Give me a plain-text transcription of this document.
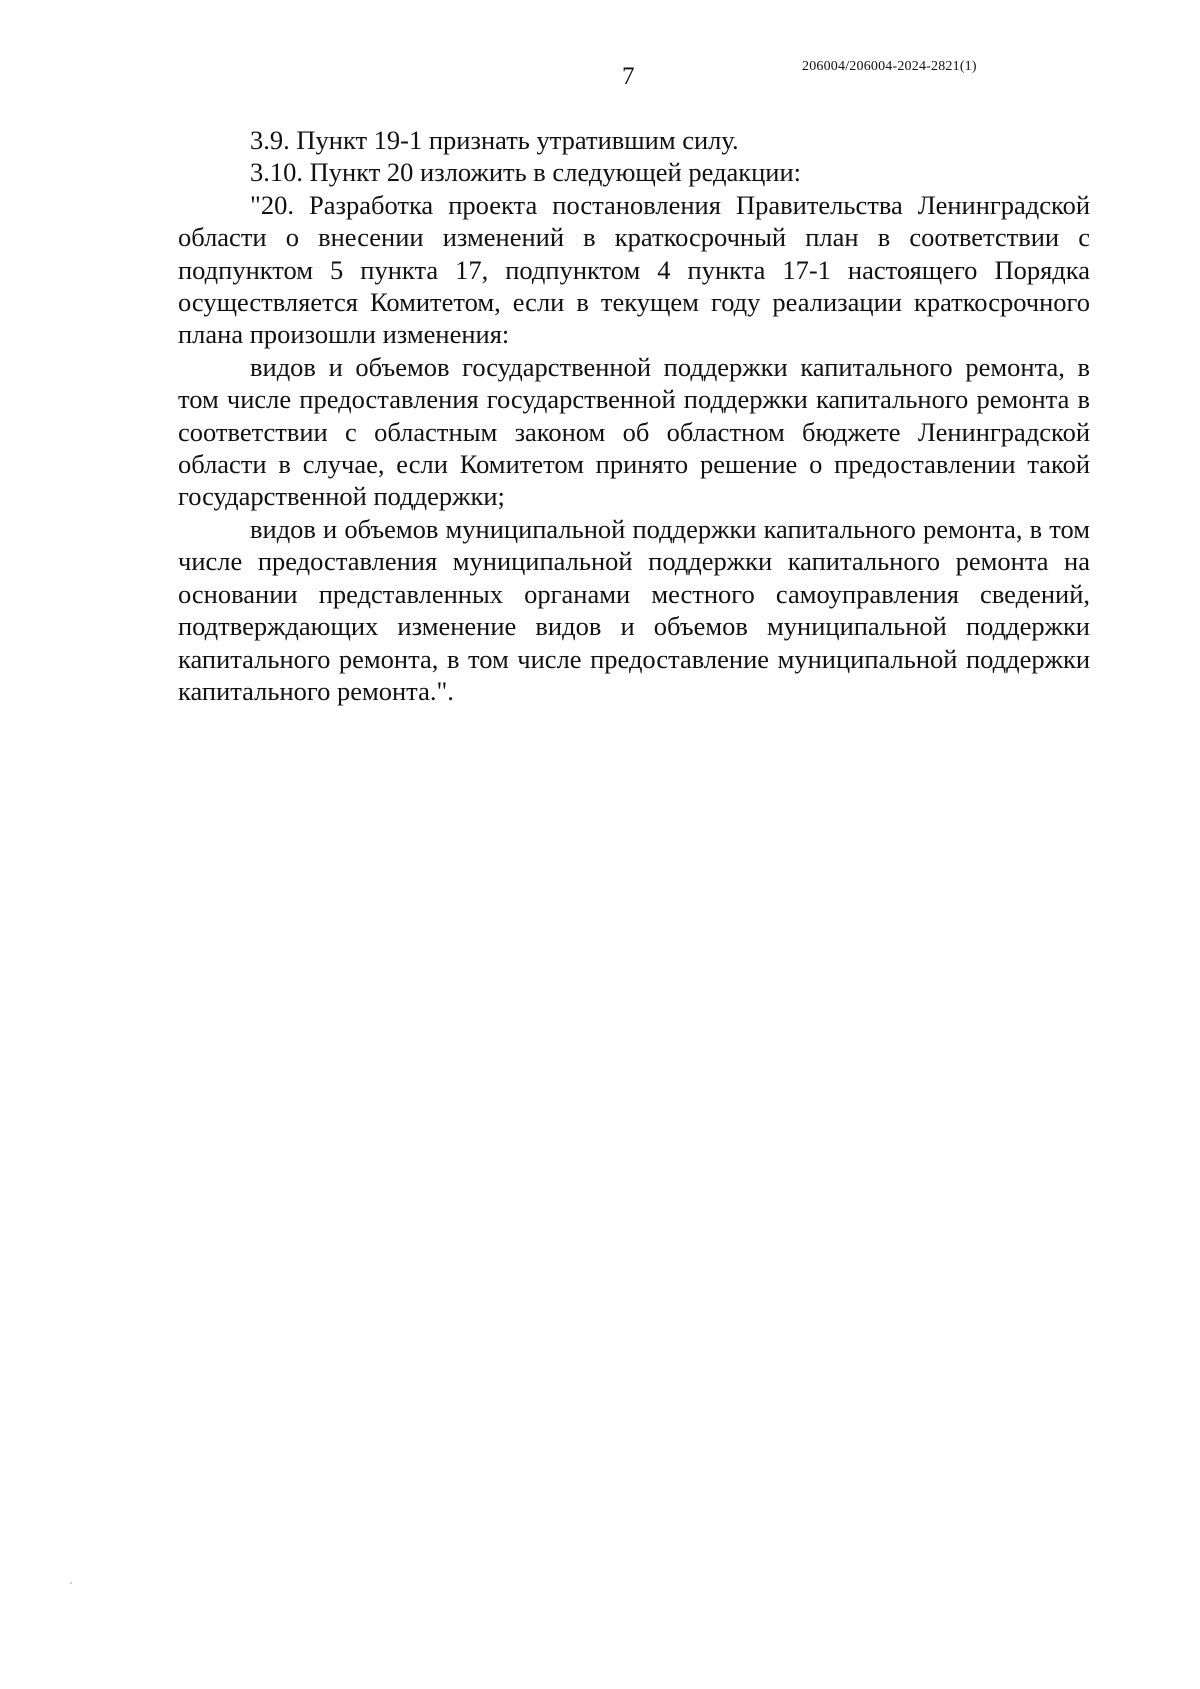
7	206004/206004-2024-2821(1)

3.9. Пункт 19-1 признать утратившим силу.

3.10. Пункт 20 изложить в следующей редакции:

"20. Разработка проекта постановления Правительства Ленинградской области о внесении изменений в краткосрочный план в соответствии с подпунктом 5 пункта 17, подпунктом 4 пункта 17-1 настоящего Порядка осуществляется Комитетом, если в текущем году реализации краткосрочного плана произошли изменения:

видов и объемов государственной поддержки капитального ремонта, в том числе предоставления государственной поддержки капитального ремонта в соответствии с областным законом об областном бюджете Ленинградской области в случае, если Комитетом принято решение о предоставлении такой государственной поддержки;

видов и объемов муниципальной поддержки капитального ремонта, в том числе предоставления муниципальной поддержки капитального ремонта на основании представленных органами местного самоуправления сведений, подтверждающих изменение видов и объемов муниципальной поддержки капитального ремонта, в том числе предоставление муниципальной поддержки капитального ремонта.".
